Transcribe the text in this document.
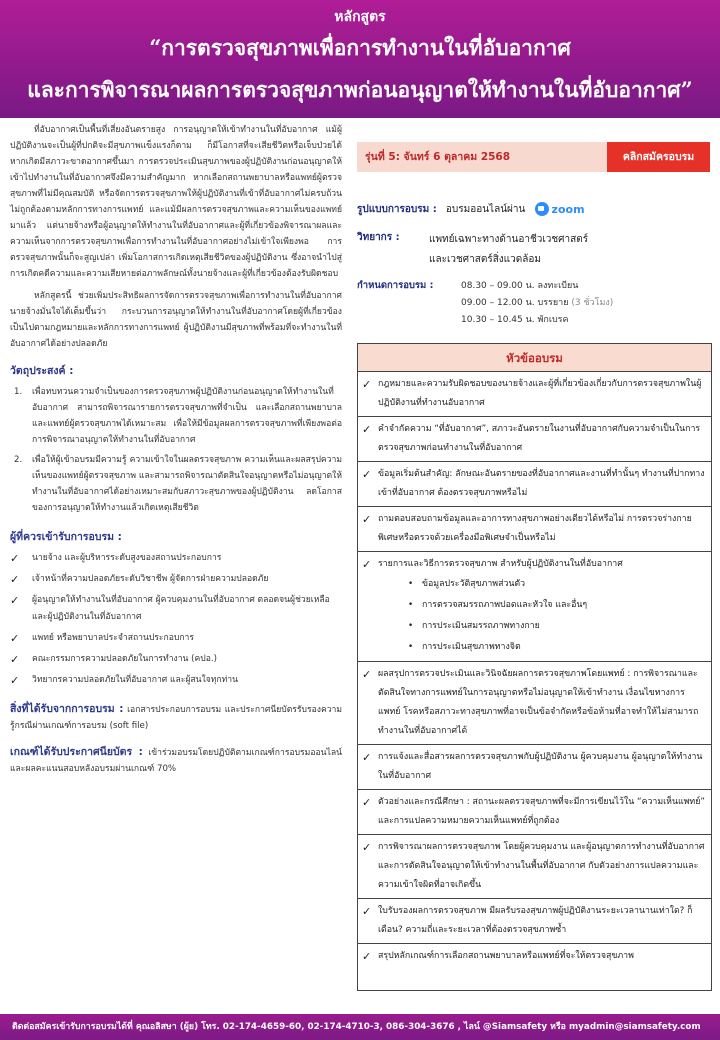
หลักสูตร
“การตรวจสุขภาพเพื่อการทำงานในที่อับอากาศ
และการพิจารณาผลการตรวจสุขภาพก่อนอนุญาตให้ทำงานในที่อับอากาศ”

ที่อับอากาศเป็นพื้นที่เสี่ยงอันตรายสูง การอนุญาตให้เข้าทำงานในที่อับอากาศ แม้ผู้ปฏิบัติงานจะเป็นผู้ที่ปกติจะมีสุขภาพแข็งแรงก็ตาม ก็มีโอกาสที่จะเสียชีวิตหรือเจ็บป่วยได้หากเกิดมีสภาวะขาดอากาศขึ้นมา การตรวจประเมินสุขภาพของผู้ปฏิบัติงานก่อนอนุญาตให้เข้าไปทำงานในที่อับอากาศจึงมีความสำคัญมาก หากเลือกสถานพยาบาลหรือแพทย์ผู้ตรวจสุขภาพที่ไม่มีคุณสมบัติ หรือจัดการตรวจสุขภาพให้ผู้ปฏิบัติงานที่เข้าที่อับอากาศไม่ครบถ้วน ไม่ถูกต้องตามหลักการทางการแพทย์ และแม้มีผลการตรวจสุขภาพและความเห็นของแพทย์มาแล้ว แต่นายจ้างหรือผู้อนุญาตให้ทำงานในที่อับอากาศและผู้ที่เกี่ยวข้องพิจารณาผลและความเห็นจากการตรวจสุขภาพเพื่อการทำงานในที่อับอากาศอย่างไม่เข้าใจเพียงพอ การตรวจสุขภาพนั้นก็จะสูญเปล่า เพิ่มโอกาสการเกิดเหตุเสียชีวิตของผู้ปฏิบัติงาน ซึ่งอาจนำไปสู่การเกิดคดีความและความเสียหายต่อภาพลักษณ์ทั้งนายจ้างและผู้ที่เกี่ยวข้องต้องรับผิดชอบ

หลักสูตรนี้ ช่วยเพิ่มประสิทธิผลการจัดการตรวจสุขภาพเพื่อการทำงานในที่อับอากาศ นายจ้างมั่นใจได้เต็มขึ้นว่า กระบวนการอนุญาตให้ทำงานในที่อับอากาศโดยผู้ที่เกี่ยวข้องเป็นไปตามกฎหมายและหลักการทางการแพทย์ ผู้ปฏิบัติงานมีสุขภาพที่พร้อมที่จะทำงานในที่อับอากาศได้อย่างปลอดภัย

วัตถุประสงค์ :
1.	เพื่อทบทวนความจำเป็นของการตรวจสุขภาพผู้ปฏิบัติงานก่อนอนุญาตให้ทำงานในที่อับอากาศ สามารถพิจารณารายการตรวจสุขภาพที่จำเป็น และเลือกสถานพยาบาลและแพทย์ผู้ตรวจสุขภาพได้เหมาะสม เพื่อให้มีข้อมูลผลการตรวจสุขภาพที่เพียงพอต่อการพิจารณาอนุญาตให้ทำงานในที่อับอากาศ
2.	เพื่อให้ผู้เข้าอบรมมีความรู้ ความเข้าใจในผลตรวจสุขภาพ ความเห็นและผลสรุปความเห็นของแพทย์ผู้ตรวจสุขภาพ และสามารถพิจารณาตัดสินใจอนุญาตหรือไม่อนุญาตให้ทำงานในที่อับอากาศได้อย่างเหมาะสมกับสภาวะสุขภาพของผู้ปฏิบัติงาน ลดโอกาสของการอนุญาตให้ทำงานแล้วเกิดเหตุเสียชีวิต
ผู้ที่ควรเข้ารับการอบรม :
✓	นายจ้าง และผู้บริหารระดับสูงของสถานประกอบการ
✓	เจ้าหน้าที่ความปลอดภัยระดับวิชาชีพ ผู้จัดการฝ่ายความปลอดภัย
✓	ผู้อนุญาตให้ทำงานในที่อับอากาศ ผู้ควบคุมงานในที่อับอากาศ ตลอดจนผู้ช่วยเหลือและผู้ปฏิบัติงานในที่อับอากาศ
✓	แพทย์ หรือพยาบาลประจำสถานประกอบการ
✓	คณะกรรมการความปลอดภัยในการทำงาน (คปอ.)
✓	วิทยากรความปลอดภัยในที่อับอากาศ และผู้สนใจทุกท่าน

สิ่งที่ได้รับจากการอบรม : เอกสารประกอบการอบรม และประกาศนียบัตรรับรองความรู้กรณีผ่านเกณฑ์การอบรม (soft file)

เกณฑ์ได้รับประกาศนียบัตร : เข้าร่วมอบรมโดยปฏิบัติตามเกณฑ์การอบรมออนไลน์และผลคะแนนสอบหลังอบรมผ่านเกณฑ์ 70%

รุ่นที่ 5: จันทร์ 6 ตุลาคม 2568	คลิกสมัครอบรม
รูปแบบการอบรม : อบรมออนไลน์ผ่าน zoom
วิทยากร :	แพทย์เฉพาะทางด้านอาชีวเวชศาสตร์
และเวชศาสตร์สิ่งแวดล้อม
กำหนดการอบรม :	08.30 – 09.00 น. ลงทะเบียน
09.00 – 12.00 น. บรรยาย (3 ชั่วโมง)
10.30 – 10.45 น. พักเบรค
หัวข้ออบรม
✓ กฎหมายและความรับผิดชอบของนายจ้างและผู้ที่เกี่ยวข้องเกี่ยวกับการตรวจสุขภาพในผู้ปฏิบัติงานที่ทำงานอับอากาศ
✓ คำจำกัดความ “ที่อับอากาศ”, สภาวะอันตรายในงานที่อับอากาศกับความจำเป็นในการตรวจสุขภาพก่อนทำงานในที่อับอากาศ
✓ ข้อมูลเริ่มต้นสำคัญ: ลักษณะอันตรายของที่อับอากาศและงานที่ทำนั้นๆ ทำงานที่ปากทาง เข้าที่อับอากาศ ต้องตรวจสุขภาพหรือไม่
✓ ถามตอบสอบถามข้อมูลและอาการทางสุขภาพอย่างเดียวได้หรือไม่ การตรวจร่างกายพิเศษหรือตรวจด้วยเครื่องมือพิเศษจำเป็นหรือไม่
✓ รายการและวิธีการตรวจสุขภาพ สำหรับผู้ปฏิบัติงานในที่อับอากาศ
• ข้อมูลประวัติสุขภาพส่วนตัว
• การตรวจสมรรถภาพปอดและหัวใจ และอื่นๆ
• การประเมินสมรรถภาพทางกาย
• การประเมินสุขภาพทางจิต
✓ ผลสรุปการตรวจประเมินและวินิจฉัยผลการตรวจสุขภาพโดยแพทย์ : การพิจารณาและตัดสินใจทางการแพทย์ในการอนุญาตหรือไม่อนุญาตให้เข้าทำงาน เงื่อนไขทางการแพทย์ โรคหรือสภาวะทางสุขภาพที่อาจเป็นข้อจำกัดหรือข้อห้ามที่อาจทำให้ไม่สามารถทำงานในที่อับอากาศได้
✓ การแจ้งและสื่อสารผลการตรวจสุขภาพกับผู้ปฏิบัติงาน ผู้ควบคุมงาน ผู้อนุญาตให้ทำงานในที่อับอากาศ
✓ ตัวอย่างและกรณีศึกษา : สถานะผลตรวจสุขภาพที่จะมีการเขียนไว้ใน “ความเห็นแพทย์” และการแปลความหมายความเห็นแพทย์ที่ถูกต้อง
✓ การพิจารณาผลการตรวจสุขภาพ โดยผู้ควบคุมงาน และผู้อนุญาตการทำงานที่อับอากาศ และการตัดสินใจอนุญาตให้เข้าทำงานในพื้นที่อับอากาศ กับตัวอย่างการแปลความและความเข้าใจผิดที่อาจเกิดขึ้น
✓ ใบรับรองผลการตรวจสุขภาพ มีผลรับรองสุขภาพผู้ปฏิบัติงานระยะเวลานานเท่าใด? ก็เดือน? ความถี่และระยะเวลาที่ต้องตรวจสุขภาพซ้ำ
✓ สรุปหลักเกณฑ์การเลือกสถานพยาบาลหรือแพทย์ที่จะให้ตรวจสุขภาพ
ติดต่อสมัครเข้ารับการอบรมได้ที่ คุณอลิสษา (ผู้ย) โทร. 02-174-4659-60, 02-174-4710-3, 086-304-3676 , ไลน์ @Siamsafety หรือ myadmin@siamsafety.com
